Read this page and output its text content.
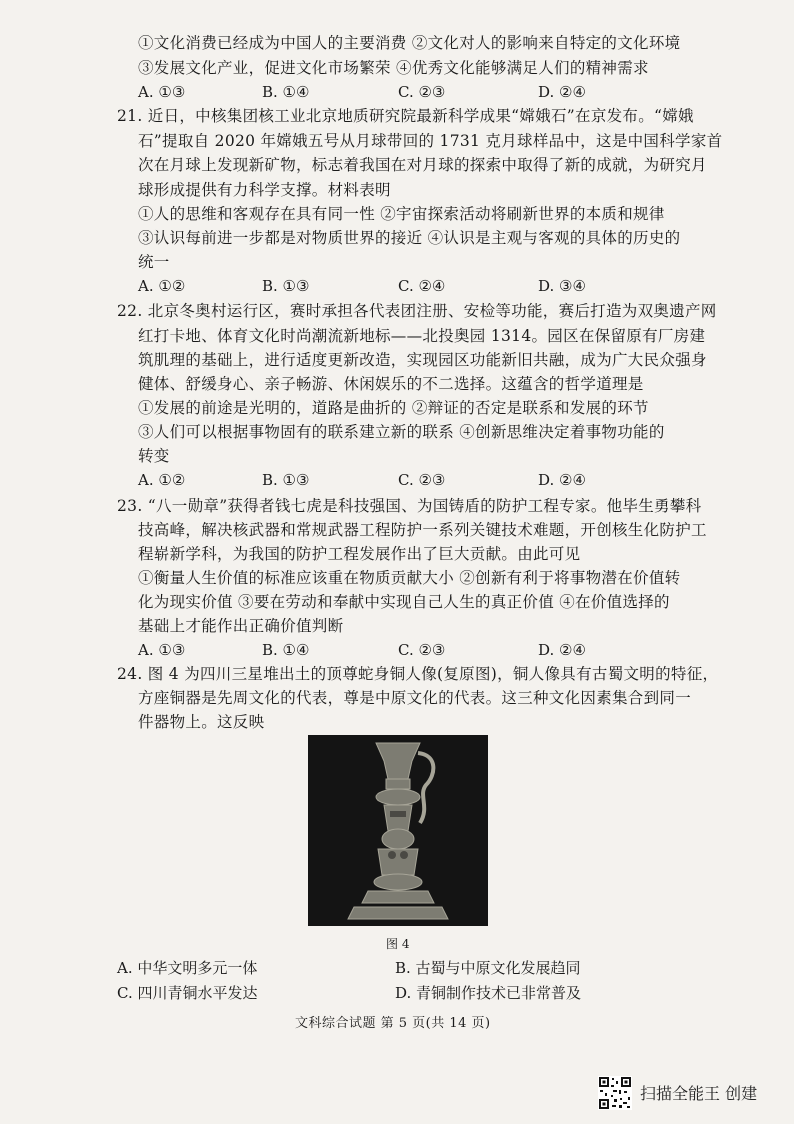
①文化消费已经成为中国人的主要消费 ②文化对人的影响来自特定的文化环境
③发展文化产业，促进文化市场繁荣 ④优秀文化能够满足人们的精神需求
A. ①③	B. ①④	C. ②③	D. ②④
21. 近日，中核集团核工业北京地质研究院最新科学成果“嫦娥石”在京发布。“嫦娥
石”提取自 2020 年嫦娥五号从月球带回的 1731 克月球样品中，这是中国科学家首
次在月球上发现新矿物，标志着我国在对月球的探索中取得了新的成就，为研究月
球形成提供有力科学支撑。材料表明
①人的思维和客观存在具有同一性 ②宇宙探索活动将刷新世界的本质和规律
③认识每前进一步都是对物质世界的接近 ④认识是主观与客观的具体的历史的
统一
A. ①②	B. ①③	C. ②④	D. ③④
22. 北京冬奥村运行区，赛时承担各代表团注册、安检等功能，赛后打造为双奥遗产网
红打卡地、体育文化时尚潮流新地标——北投奥园 1314。园区在保留原有厂房建
筑肌理的基础上，进行适度更新改造，实现园区功能新旧共融，成为广大民众强身
健体、舒缓身心、亲子畅游、休闲娱乐的不二选择。这蕴含的哲学道理是
①发展的前途是光明的，道路是曲折的 ②辩证的否定是联系和发展的环节
③人们可以根据事物固有的联系建立新的联系 ④创新思维决定着事物功能的
转变
A. ①②	B. ①③	C. ②③	D. ②④
23. “八一勋章”获得者钱七虎是科技强国、为国铸盾的防护工程专家。他毕生勇攀科
技高峰，解决核武器和常规武器工程防护一系列关键技术难题，开创核生化防护工
程崭新学科，为我国的防护工程发展作出了巨大贡献。由此可见
①衡量人生价值的标准应该重在物质贡献大小 ②创新有利于将事物潜在价值转
化为现实价值 ③要在劳动和奉献中实现自己人生的真正价值 ④在价值选择的
基础上才能作出正确价值判断
A. ①③	B. ①④	C. ②③	D. ②④
24. 图 4 为四川三星堆出土的顶尊蛇身铜人像(复原图)，铜人像具有古蜀文明的特征，
方座铜器是先周文化的代表，尊是中原文化的代表。这三种文化因素集合到同一
件器物上。这反映
图 4
A. 中华文明多元一体	B. 古蜀与中原文化发展趋同
C. 四川青铜水平发达	D. 青铜制作技术已非常普及
文科综合试题 第 5 页(共 14 页)
扫描全能王 创建
